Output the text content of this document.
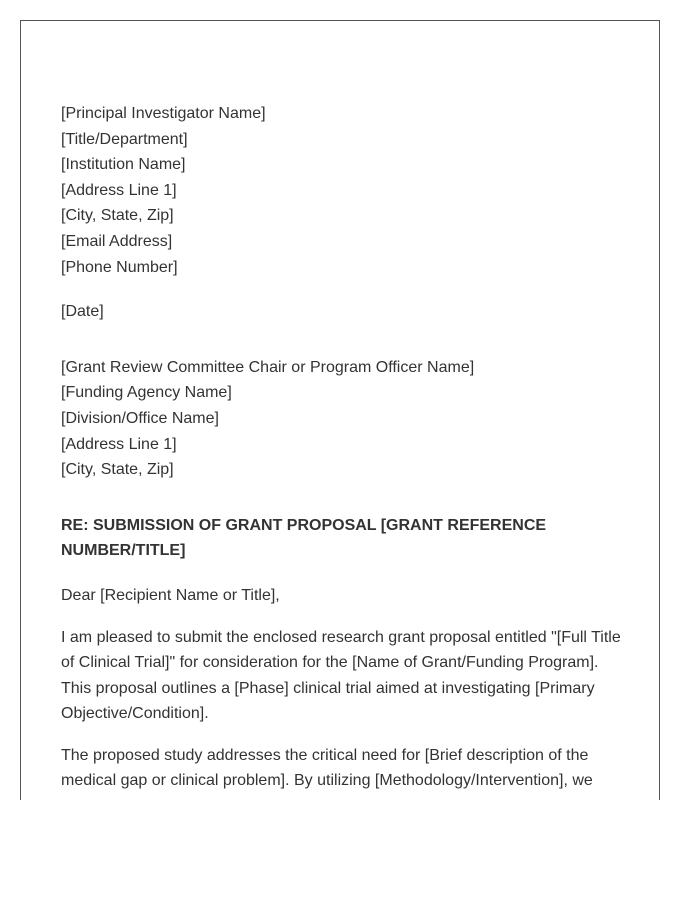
[Principal Investigator Name]
[Title/Department]
[Institution Name]
[Address Line 1]
[City, State, Zip]
[Email Address]
[Phone Number]
[Date]
[Grant Review Committee Chair or Program Officer Name]
[Funding Agency Name]
[Division/Office Name]
[Address Line 1]
[City, State, Zip]
RE: SUBMISSION OF GRANT PROPOSAL [GRANT REFERENCE
NUMBER/TITLE]
Dear [Recipient Name or Title],
I am pleased to submit the enclosed research grant proposal entitled "[Full Title
of Clinical Trial]" for consideration for the [Name of Grant/Funding Program].
This proposal outlines a [Phase] clinical trial aimed at investigating [Primary
Objective/Condition].
The proposed study addresses the critical need for [Brief description of the
medical gap or clinical problem]. By utilizing [Methodology/Intervention], we
